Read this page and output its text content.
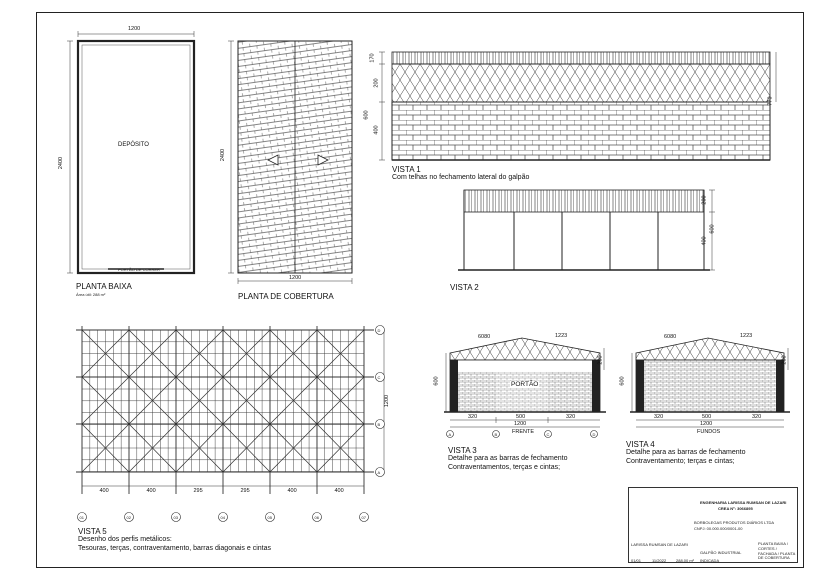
1200
2400
DEPÓSITO
PORTÃO DE CORRER
PLANTA BAIXA
Área útil: 288 m²
2400
1200
PLANTA DE COBERTURA
170
200
600
400
770
VISTA 1
Com telhas no fechamento lateral do galpão
200
600
400
VISTA 2
6080	1223
600
200
PORTÃO
320	500	320
1200
A	B	C	D
FRENTE
VISTA 3
Detalhe para as barras de fechamento
Contraventamentos, terças e cintas;
6080	1223
600
200
320	500	320
1200
FUNDOS
VISTA 4
Detalhe para as barras de fechamento
Contraventamento; terças e cintas;
D
C
B
A
01	02	03	04	05	06	07
400	400	295	295	400	400
1200
VISTA 5
Desenho dos perfis metálicos:
Tesouras, terças, contraventamento, barras diagonais e cintas
ENGENHARIA LARISSA RUMSAN DE LAZARI
CREA Nº: 3066895
BORBOLEGAS PRODUTOS DIÁRIOS LTDA
CNPJ: 00.000.000/0001-00
LARISSA RUMSAN DE LAZARI
GALPÃO INDUSTRIAL
01/01	11/2022 288,00 m² INDICADA
PLANTA BAIXA / CORTES / FACHADA / PLANTA DE COBERTURA
